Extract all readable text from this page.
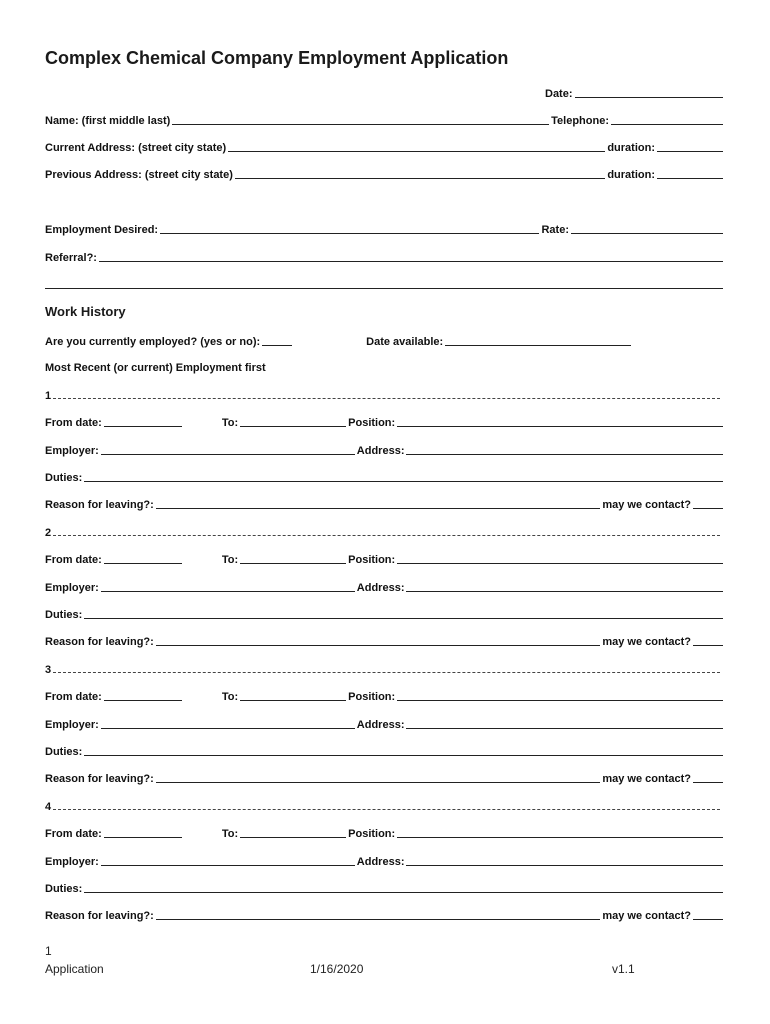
Complex Chemical Company Employment Application
Date:
Name: (first middle last)	Telephone:
Current Address: (street city state)	duration:
Previous Address: (street city state)	duration:
Employment Desired:	Rate:
Referral?:
Work History
Are you currently employed? (yes or no):	Date available:
Most Recent (or current) Employment first
1
From date:	To:	Position:
Employer:	Address:
Duties:
Reason for leaving?:	may we contact?
2
From date:	To:	Position:
Employer:	Address:
Duties:
Reason for leaving?:	may we contact?
3
From date:	To:	Position:
Employer:	Address:
Duties:
Reason for leaving?:	may we contact?
4
From date:	To:	Position:
Employer:	Address:
Duties:
Reason for leaving?:	may we contact?
1
Application	1/16/2020	v1.1
